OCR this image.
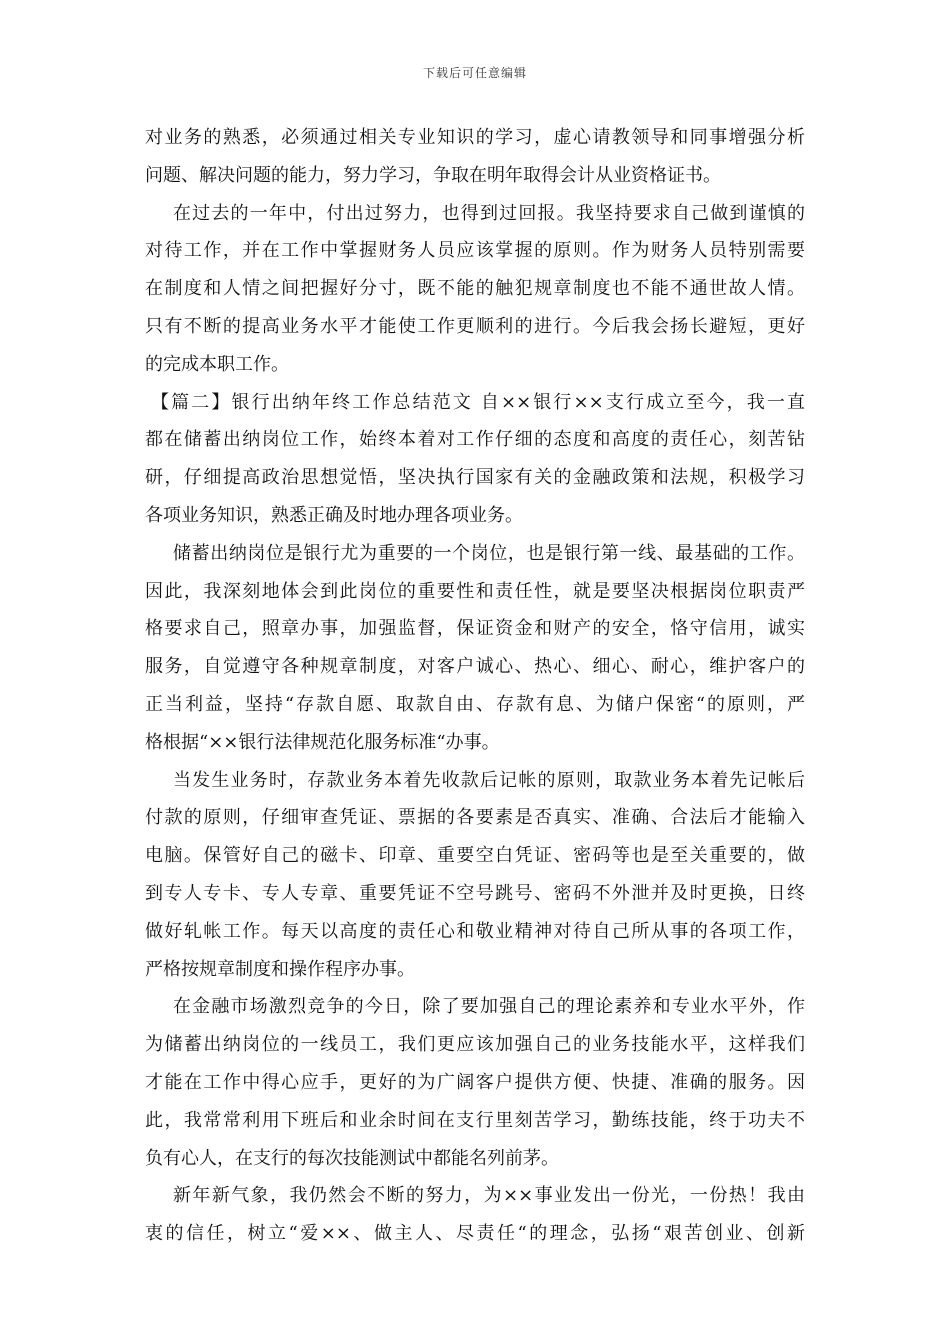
下载后可任意编辑
对业务的熟悉，必须通过相关专业知识的学习，虚心请教领导和同事增强分析
问题、解决问题的能力，努力学习，争取在明年取得会计从业资格证书。
在过去的一年中，付出过努力，也得到过回报。我坚持要求自己做到谨慎的
对待工作，并在工作中掌握财务人员应该掌握的原则。作为财务人员特别需要
在制度和人情之间把握好分寸，既不能的触犯规章制度也不能不通世故人情。
只有不断的提高业务水平才能使工作更顺利的进行。今后我会扬长避短，更好
的完成本职工作。
【篇二】银行出纳年终工作总结范文 自××银行××支行成立至今，我一直
都在储蓄出纳岗位工作，始终本着对工作仔细的态度和高度的责任心，刻苦钻
研，仔细提高政治思想觉悟，坚决执行国家有关的金融政策和法规，积极学习
各项业务知识，熟悉正确及时地办理各项业务。
储蓄出纳岗位是银行尤为重要的一个岗位，也是银行第一线、最基础的工作。
因此，我深刻地体会到此岗位的重要性和责任性，就是要坚决根据岗位职责严
格要求自己，照章办事，加强监督，保证资金和财产的安全，恪守信用，诚实
服务，自觉遵守各种规章制度，对客户诚心、热心、细心、耐心，维护客户的
正当利益，坚持“存款自愿、取款自由、存款有息、为储户保密“的原则，严
格根据“××银行法律规范化服务标准“办事。
当发生业务时，存款业务本着先收款后记帐的原则，取款业务本着先记帐后
付款的原则，仔细审查凭证、票据的各要素是否真实、准确、合法后才能输入
电脑。保管好自己的磁卡、印章、重要空白凭证、密码等也是至关重要的，做
到专人专卡、专人专章、重要凭证不空号跳号、密码不外泄并及时更换，日终
做好轧帐工作。每天以高度的责任心和敬业精神对待自己所从事的各项工作，
严格按规章制度和操作程序办事。
在金融市场激烈竞争的今日，除了要加强自己的理论素养和专业水平外，作
为储蓄出纳岗位的一线员工，我们更应该加强自己的业务技能水平，这样我们
才能在工作中得心应手，更好的为广阔客户提供方便、快捷、准确的服务。因
此，我常常利用下班后和业余时间在支行里刻苦学习，勤练技能，终于功夫不
负有心人，在支行的每次技能测试中都能名列前茅。
新年新气象，我仍然会不断的努力，为××事业发出一份光，一份热！我由
衷的信任，树立“爱××、做主人、尽责任“的理念，弘扬“艰苦创业、创新
